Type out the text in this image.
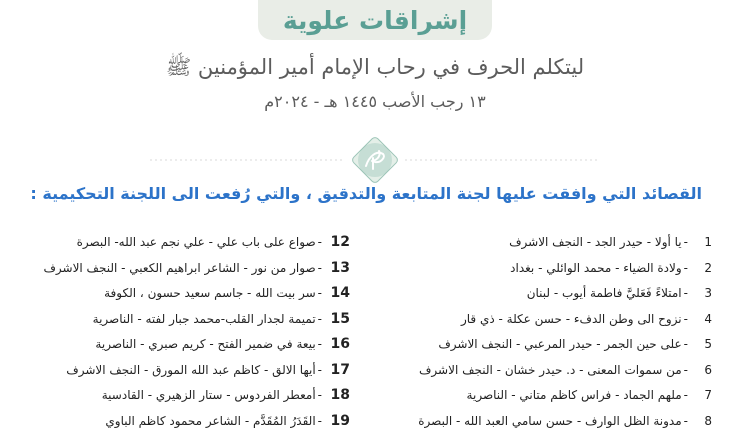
إشراقات علوية
ليتكلم الحرف في رحاب الإمام أمير المؤمنين ﷺ
١٣ رجب الأصب ١٤٤٥ هـ - ٢٠٢٤م
القصائد التي وافقت عليها لجنة المتابعة والتدقيق ، والتي رُفعت الى اللجنة التحكيمية :
1
-
يا أولا - حيدر الجد - النجف الاشرف
2
-
ولادة الضياء - محمد الوائلي - بغداد
3
-
امتلاءً فَعَليَّ فاطمة أيوب - لبنان
4
-
نزوح الى وطن الدفء - حسن عكلة - ذي قار
5
-
على حين الجمر - حيدر المرعبي - النجف الاشرف
6
-
من سموات المعنى - د. حيدر خشان - النجف الاشرف
7
-
ملهم الجماد - فراس كاظم متاني - الناصرية
8
-
مدونة الظل الوارف - حسن سامي العبد الله - البصرة
12
-
صواع على باب علي - علي نجم عبد الله- البصرة
13
-
صوار من نور - الشاعر ابراهيم الكعبي - النجف الاشرف
14
-
سر بيت الله - جاسم سعيد حسون ، الكوفة
15
-
تميمة لجدار القلب-محمد جبار لفته - الناصرية
16
-
بيعة في ضمير الفتح - كريم صبري - الناصرية
17
-
أيها الالق - كاظم عبد الله المورق - النجف الاشرف
18
-
أمعطر الفردوس - ستار الزهيري - القادسية
19
-
القَدَرُ المُقَدَّم - الشاعر محمود كاظم الباوي
